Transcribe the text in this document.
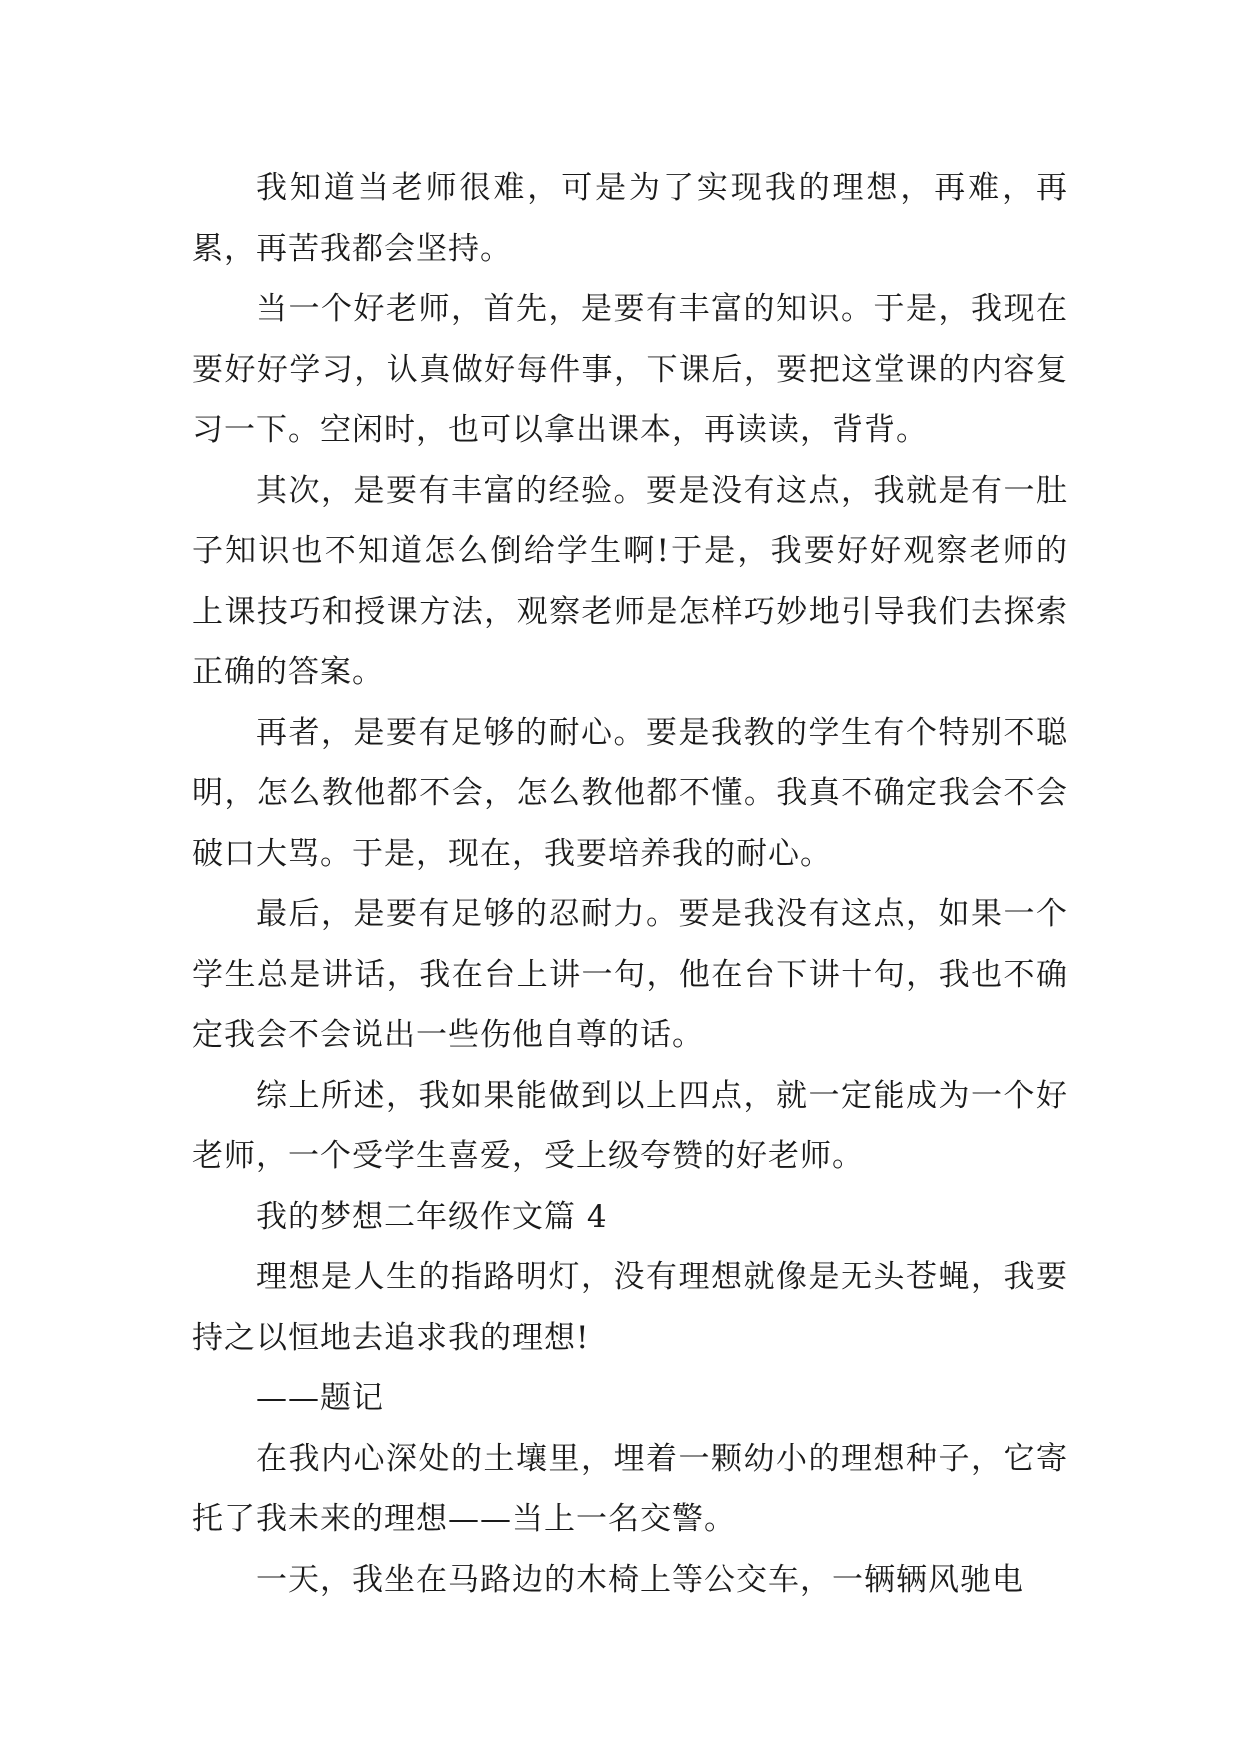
我知道当老师很难，可是为了实现我的理想，再难，再累，再苦我都会坚持。

当一个好老师，首先，是要有丰富的知识。于是，我现在要好好学习，认真做好每件事，下课后，要把这堂课的内容复习一下。空闲时，也可以拿出课本，再读读，背背。

其次，是要有丰富的经验。要是没有这点，我就是有一肚子知识也不知道怎么倒给学生啊!于是，我要好好观察老师的上课技巧和授课方法，观察老师是怎样巧妙地引导我们去探索正确的答案。

再者，是要有足够的耐心。要是我教的学生有个特别不聪明，怎么教他都不会，怎么教他都不懂。我真不确定我会不会破口大骂。于是，现在，我要培养我的耐心。

最后，是要有足够的忍耐力。要是我没有这点，如果一个学生总是讲话，我在台上讲一句，他在台下讲十句，我也不确定我会不会说出一些伤他自尊的话。

综上所述，我如果能做到以上四点，就一定能成为一个好老师，一个受学生喜爱，受上级夸赞的好老师。

我的梦想二年级作文篇 4

理想是人生的指路明灯，没有理想就像是无头苍蝇，我要持之以恒地去追求我的理想!

——题记

在我内心深处的土壤里，埋着一颗幼小的理想种子，它寄托了我未来的理想——当上一名交警。

一天，我坐在马路边的木椅上等公交车，一辆辆风驰电
